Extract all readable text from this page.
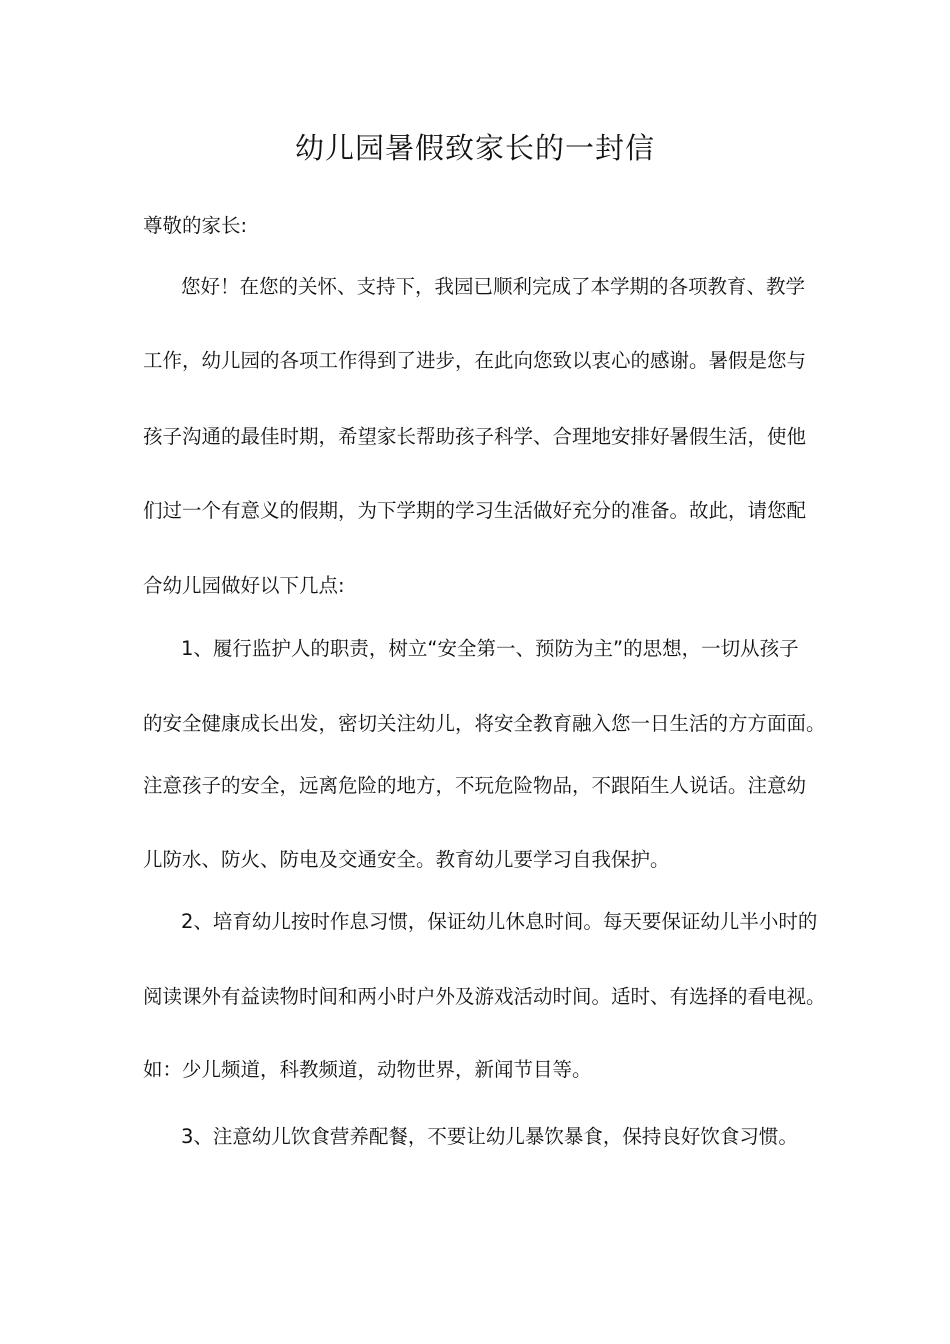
幼儿园暑假致家长的一封信
尊敬的家长:
您好！在您的关怀、支持下，我园已顺利完成了本学期的各项教育、教学
工作，幼儿园的各项工作得到了进步，在此向您致以衷心的感谢。暑假是您与
孩子沟通的最佳时期，希望家长帮助孩子科学、合理地安排好暑假生活，使他
们过一个有意义的假期，为下学期的学习生活做好充分的准备。故此，请您配
合幼儿园做好以下几点:
1、履行监护人的职责，树立“安全第一、预防为主”的思想，一切从孩子
的安全健康成长出发，密切关注幼儿，将安全教育融入您一日生活的方方面面。
注意孩子的安全，远离危险的地方，不玩危险物品，不跟陌生人说话。注意幼
儿防水、防火、防电及交通安全。教育幼儿要学习自我保护。
2、培育幼儿按时作息习惯，保证幼儿休息时间。每天要保证幼儿半小时的
阅读课外有益读物时间和两小时户外及游戏活动时间。适时、有选择的看电视。
如：少儿频道，科教频道，动物世界，新闻节目等。
3、注意幼儿饮食营养配餐，不要让幼儿暴饮暴食，保持良好饮食习惯。
